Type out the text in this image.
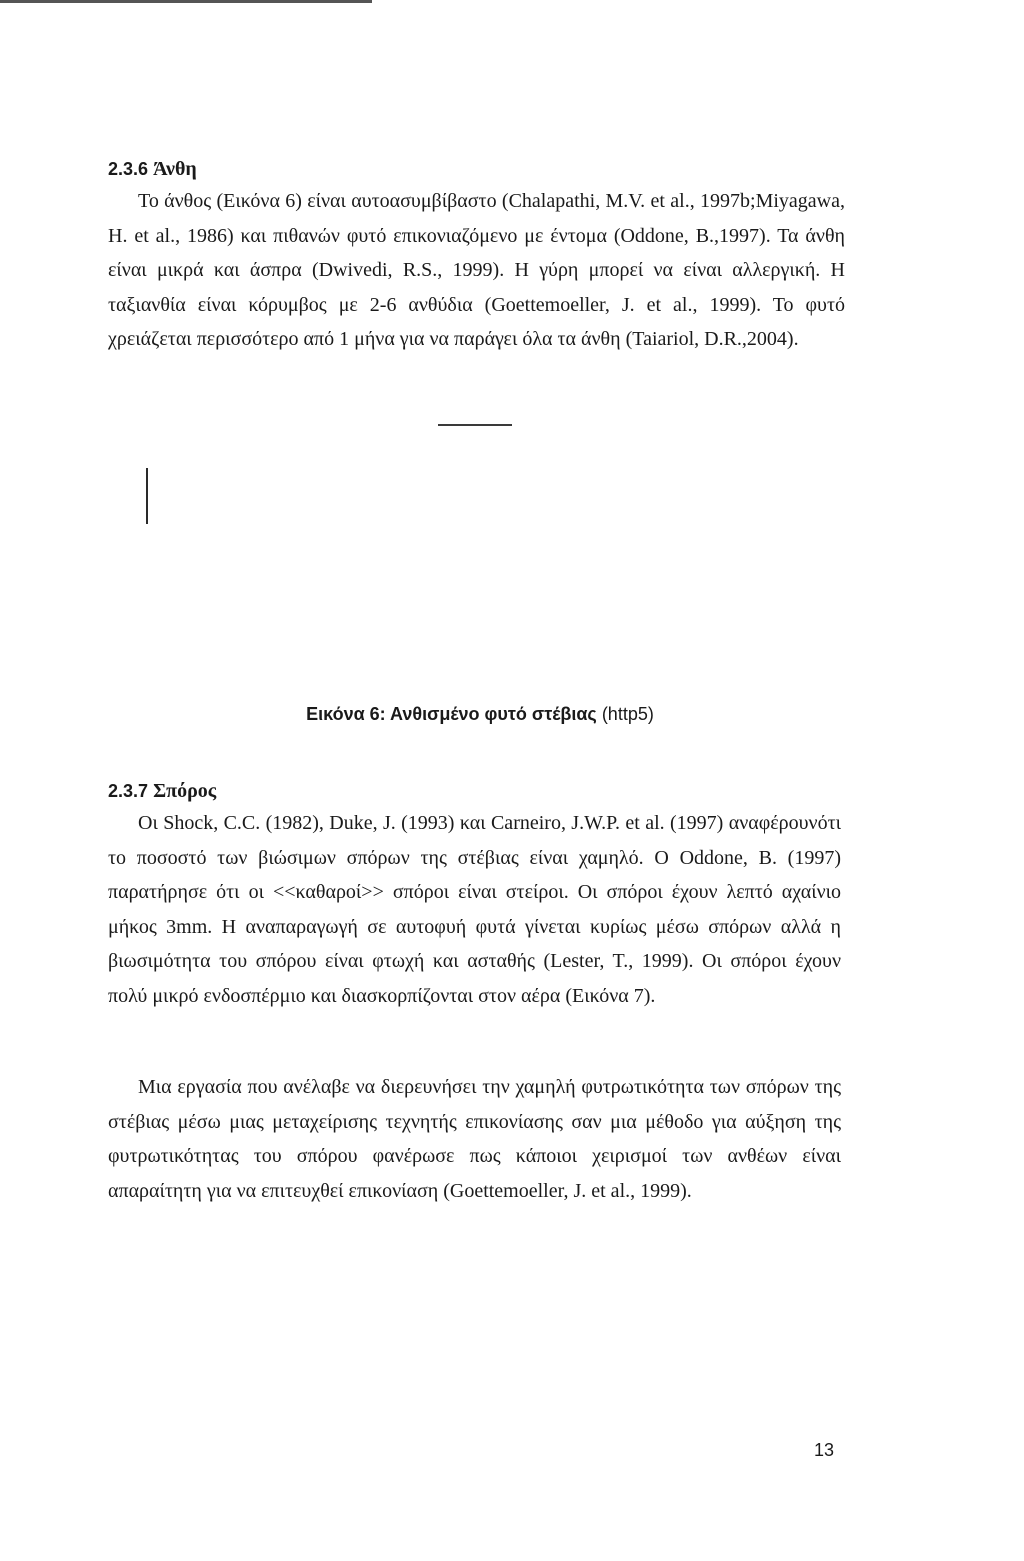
2.3.6 Άνθη

Το άνθος (Εικόνα 6) είναι αυτοασυμβίβαστο (Chalapathi, M.V. et al., 1997b;Miyagawa, H. et al., 1986) και πιθανών φυτό επικονιαζόμενο με έντομα (Oddone, B.,1997). Τα άνθη είναι μικρά και άσπρα (Dwivedi, R.S., 1999). Η γύρη μπορεί να είναι αλλεργική. Η ταξιανθία είναι κόρυμβος με 2-6 ανθύδια (Goettemoeller, J. et al., 1999). Το φυτό χρειάζεται περισσότερο από 1 μήνα για να παράγει όλα τα άνθη (Taiariol, D.R.,2004).

Εικόνα 6: Ανθισμένο φυτό στέβιας (http5)
2.3.7 Σπόρος

Οι Shock, C.C. (1982), Duke, J. (1993) και Carneiro, J.W.P. et al. (1997) αναφέρουνότι το ποσοστό των βιώσιμων σπόρων της στέβιας είναι χαμηλό. Ο Oddone, B. (1997) παρατήρησε ότι οι <<καθαροί>> σπόροι είναι στείροι. Οι σπόροι έχουν λεπτό αχαίνιο μήκος 3mm. Η αναπαραγωγή σε αυτοφυή φυτά γίνεται κυρίως μέσω σπόρων αλλά η βιωσιμότητα του σπόρου είναι φτωχή και ασταθής (Lester, T., 1999). Οι σπόροι έχουν πολύ μικρό ενδοσπέρμιο και διασκορπίζονται στον αέρα (Εικόνα 7).

Μια εργασία που ανέλαβε να διερευνήσει την χαμηλή φυτρωτικότητα των σπόρων της στέβιας μέσω μιας μεταχείρισης τεχνητής επικονίασης σαν μια μέθοδο για αύξηση της φυτρωτικότητας του σπόρου φανέρωσε πως κάποιοι χειρισμοί των ανθέων είναι απαραίτητη για να επιτευχθεί επικονίαση (Goettemoeller, J. et al., 1999).

13
